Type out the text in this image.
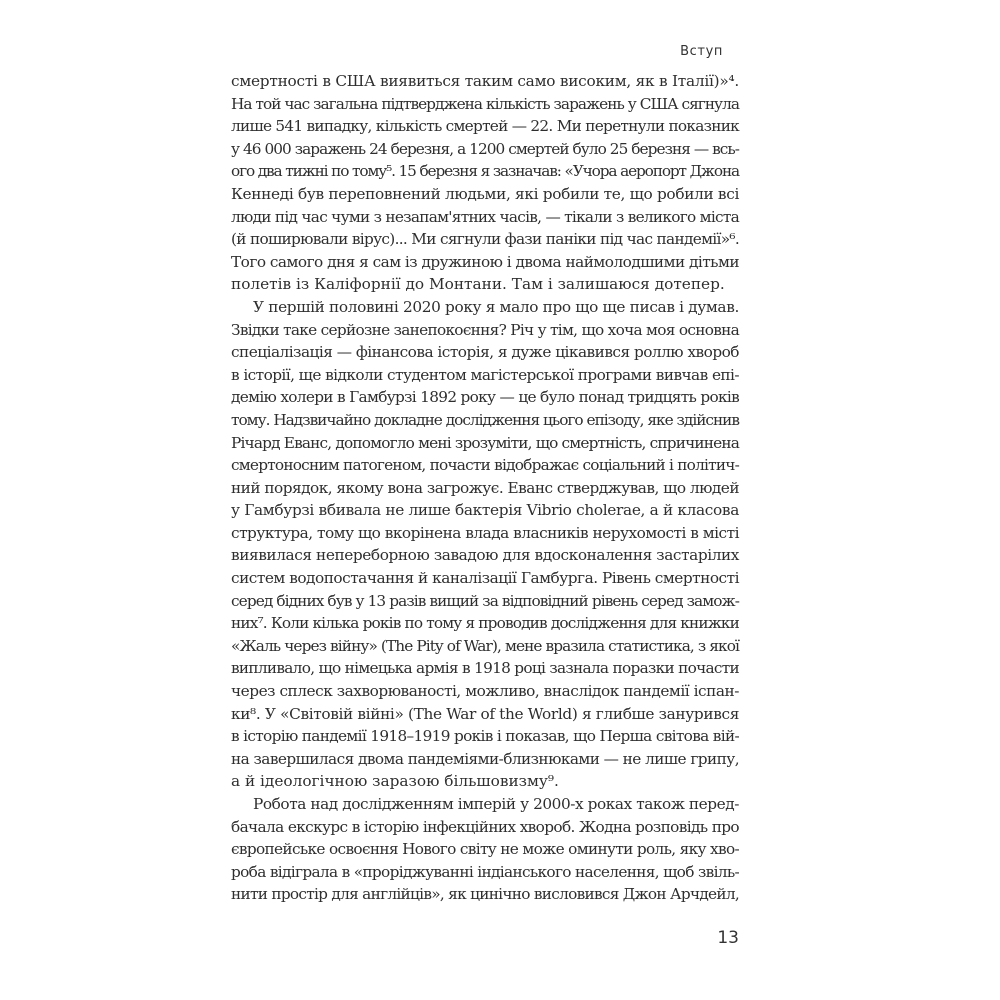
Вступ
смертності в США виявиться таким само високим, як в Італії)»⁴.
На той час загальна підтверджена кількість заражень у США сягнула
лише 541 випадку, кількість смертей — 22. Ми перетнули показник
у 46 000 заражень 24 березня, а 1200 смертей було 25 березня — всь-
ого два тижні по тому⁵. 15 березня я зазначав: «Учора аеропорт Джона
Кеннеді був переповнений людьми, які робили те, що робили всі
люди під час чуми з незапам'ятних часів, — тікали з великого міста
(й поширювали вірус)... Ми сягнули фази паніки під час пандемії»⁶.
Того самого дня я сам із дружиною і двома наймолодшими дітьми
полетів із Каліфорнії до Монтани. Там і залишаюся дотепер.
У першій половині 2020 року я мало про що ще писав і думав.
Звідки таке серйозне занепокоєння? Річ у тім, що хоча моя основна
спеціалізація — фінансова історія, я дуже цікавився роллю хвороб
в історії, ще відколи студентом магістерської програми вивчав епі-
демію холери в Гамбурзі 1892 року — це було понад тридцять років
тому. Надзвичайно докладне дослідження цього епізоду, яке здійснив
Річард Еванс, допомогло мені зрозуміти, що смертність, спричинена
смертоносним патогеном, почасти відображає соціальний і політич-
ний порядок, якому вона загрожує. Еванс стверджував, що людей
у Гамбурзі вбивала не лише бактерія Vibrio cholerae, а й класова
структура, тому що вкорінена влада власників нерухомості в місті
виявилася непереборною завадою для вдосконалення застарілих
систем водопостачання й каналізації Гамбурга. Рівень смертності
серед бідних був у 13 разів вищий за відповідний рівень серед замож-
них⁷. Коли кілька років по тому я проводив дослідження для книжки
«Жаль через війну» (The Pity of War), мене вразила статистика, з якої
випливало, що німецька армія в 1918 році зазнала поразки почасти
через сплеск захворюваності, можливо, внаслідок пандемії іспан-
ки⁸. У «Світовій війні» (The War of the World) я глибше занурився
в історію пандемії 1918–1919 років і показав, що Перша світова вій-
на завершилася двома пандеміями-близнюками — не лише грипу,
а й ідеологічною заразою більшовизму⁹.
Робота над дослідженням імперій у 2000-х роках також перед-
бачала екскурс в історію інфекційних хвороб. Жодна розповідь про
європейське освоєння Нового світу не може оминути роль, яку хво-
роба відіграла в «проріджуванні індіанського населення, щоб звіль-
нити простір для англійців», як цинічно висловився Джон Арчдейл,
13
